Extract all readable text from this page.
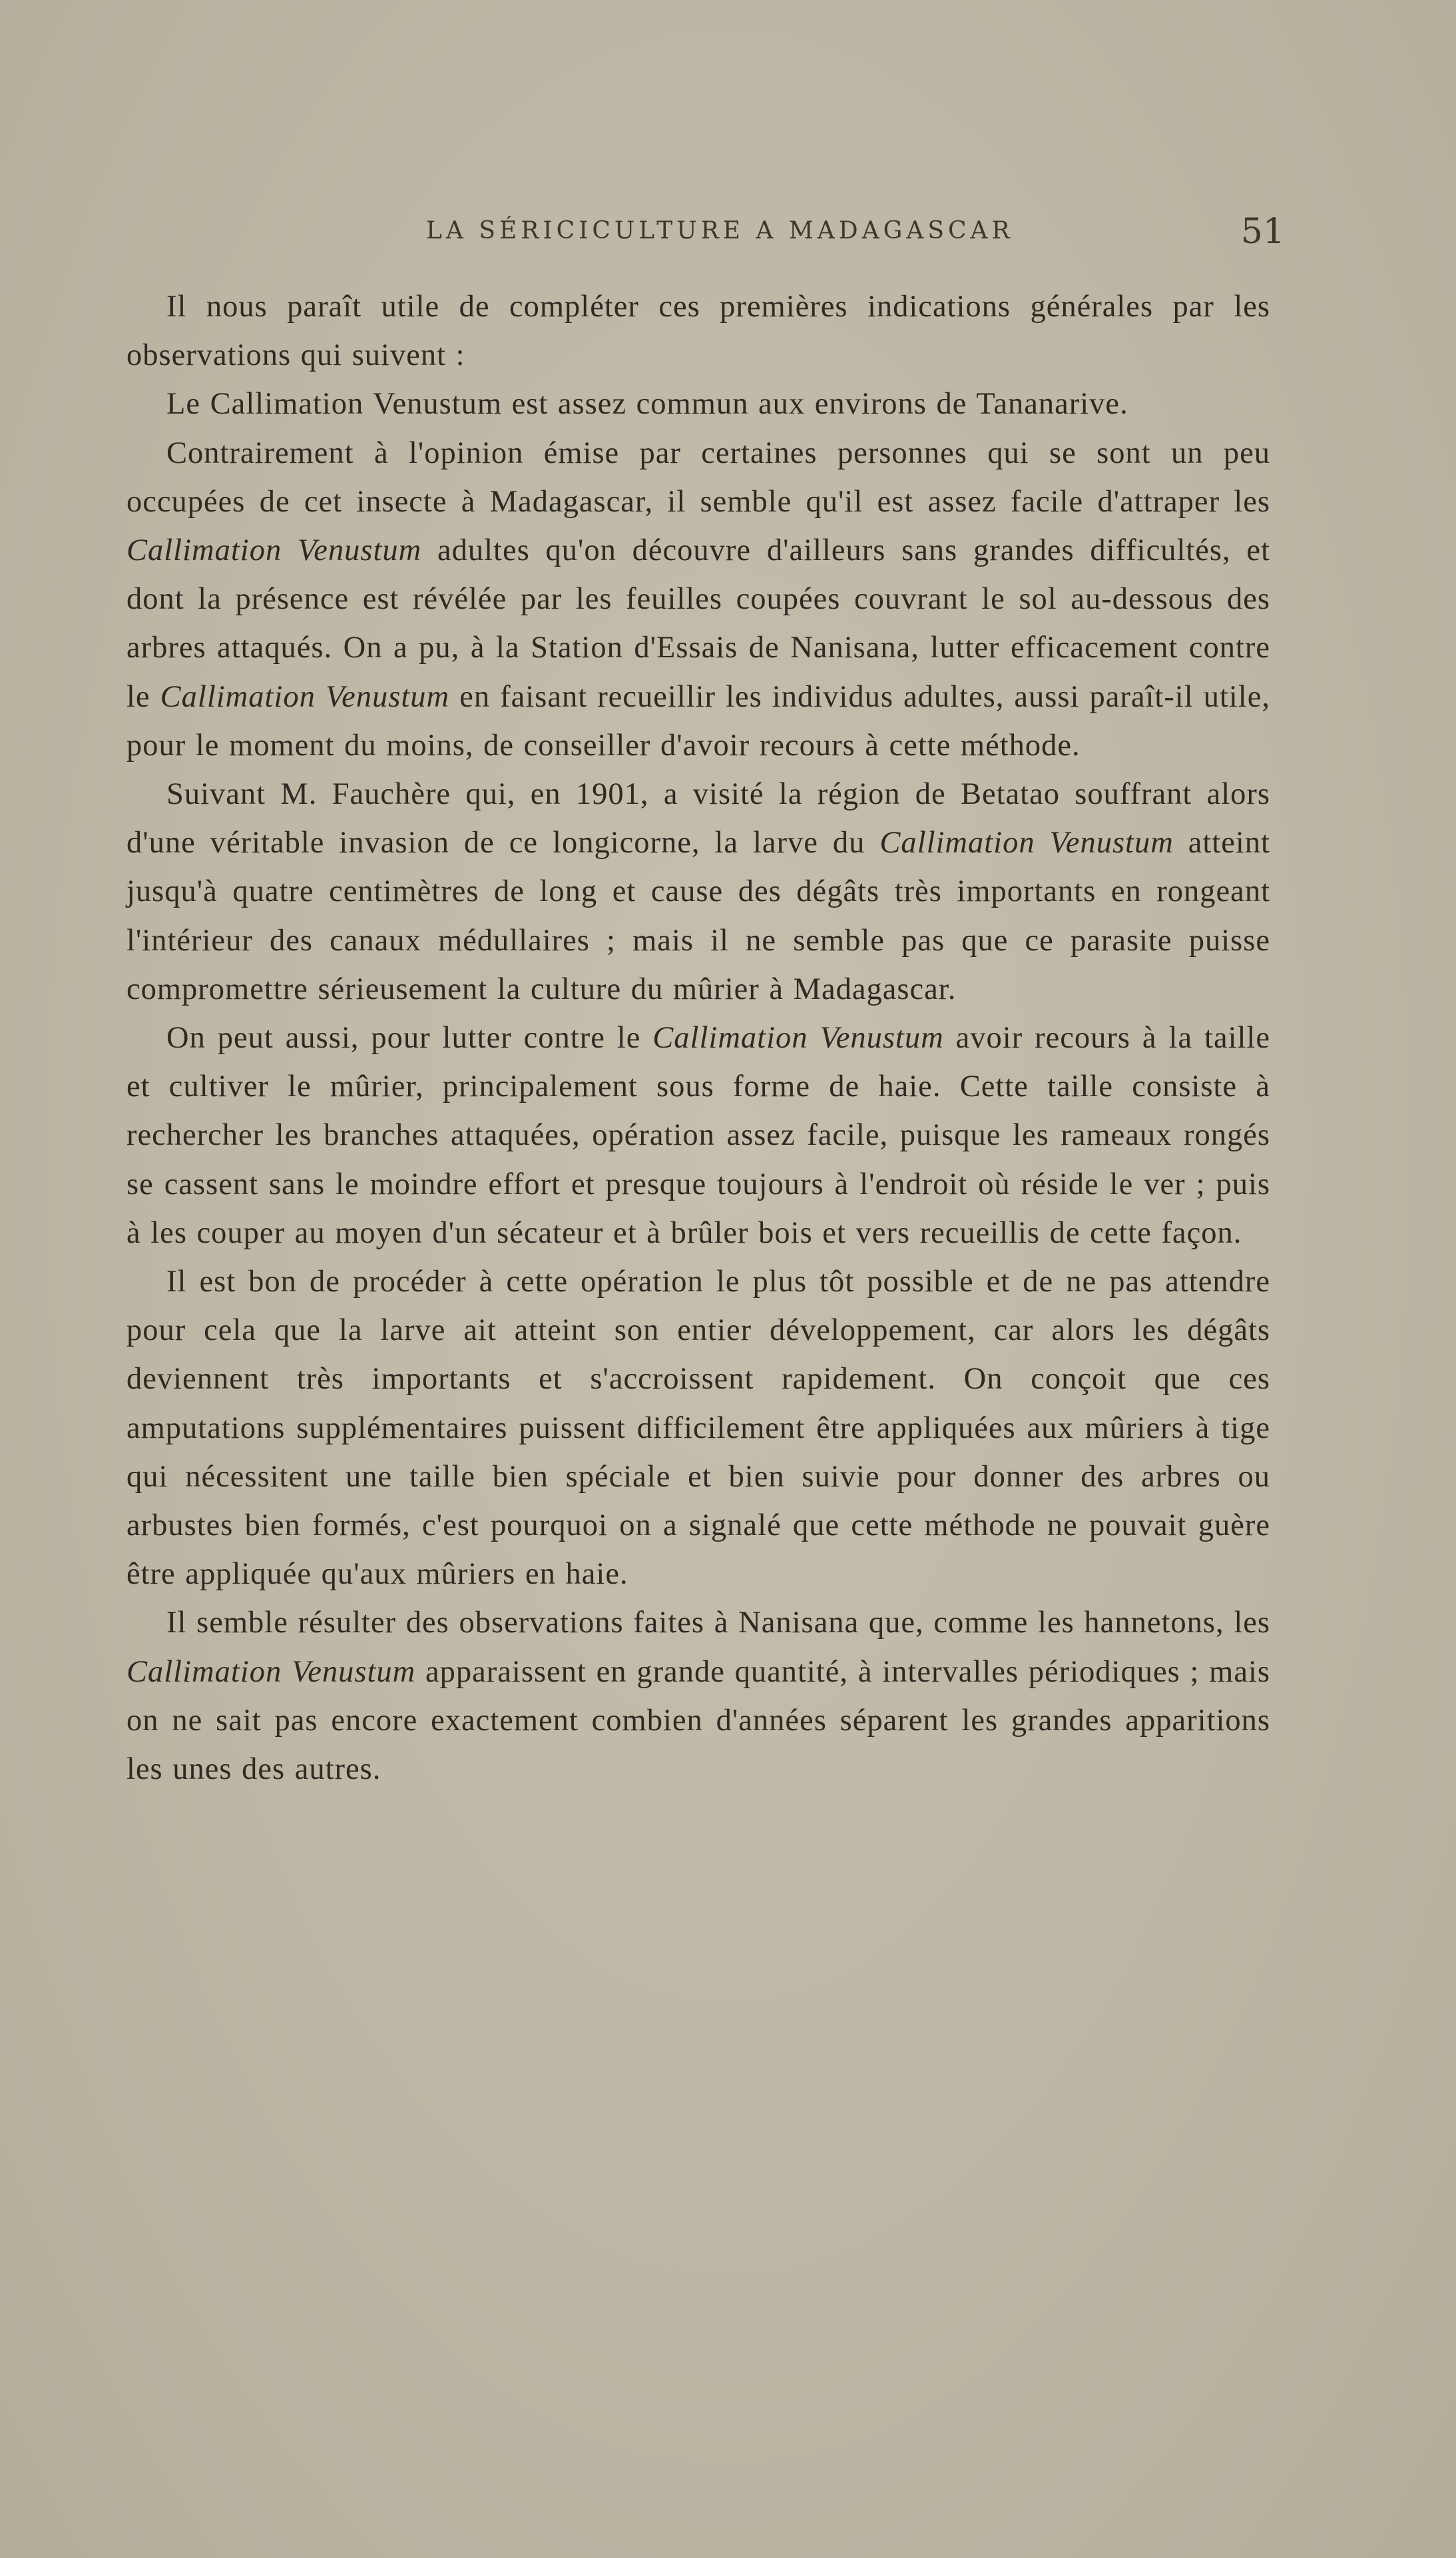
LA SÉRICICULTURE A MADAGASCAR	51

Il nous paraît utile de compléter ces premières indications générales par les observations qui suivent :

Le Callimation Venustum est assez commun aux environs de Tananarive.

Contrairement à l'opinion émise par certaines personnes qui se sont un peu occupées de cet insecte à Madagascar, il semble qu'il est assez facile d'attraper les Callimation Venustum adultes qu'on découvre d'ailleurs sans grandes difficultés, et dont la présence est révélée par les feuilles coupées couvrant le sol au-dessous des arbres attaqués. On a pu, à la Station d'Essais de Nanisana, lutter efficacement contre le Callimation Venustum en faisant recueillir les individus adultes, aussi paraît-il utile, pour le moment du moins, de conseiller d'avoir recours à cette méthode.

Suivant M. Fauchère qui, en 1901, a visité la région de Betatao souffrant alors d'une véritable invasion de ce longicorne, la larve du Callimation Venustum atteint jusqu'à quatre centimètres de long et cause des dégâts très importants en rongeant l'intérieur des canaux médullaires ; mais il ne semble pas que ce parasite puisse compromettre sérieusement la culture du mûrier à Madagascar.

On peut aussi, pour lutter contre le Callimation Venustum avoir recours à la taille et cultiver le mûrier, principalement sous forme de haie. Cette taille consiste à rechercher les branches attaquées, opération assez facile, puisque les rameaux rongés se cassent sans le moindre effort et presque toujours à l'endroit où réside le ver ; puis à les couper au moyen d'un sécateur et à brûler bois et vers recueillis de cette façon.

Il est bon de procéder à cette opération le plus tôt possible et de ne pas attendre pour cela que la larve ait atteint son entier développement, car alors les dégâts deviennent très importants et s'accroissent rapidement. On conçoit que ces amputations supplémentaires puissent difficilement être appliquées aux mûriers à tige qui nécessitent une taille bien spéciale et bien suivie pour donner des arbres ou arbustes bien formés, c'est pourquoi on a signalé que cette méthode ne pouvait guère être appliquée qu'aux mûriers en haie.

Il semble résulter des observations faites à Nanisana que, comme les hannetons, les Callimation Venustum apparaissent en grande quantité, à intervalles périodiques ; mais on ne sait pas encore exactement combien d'années séparent les grandes apparitions les unes des autres.
